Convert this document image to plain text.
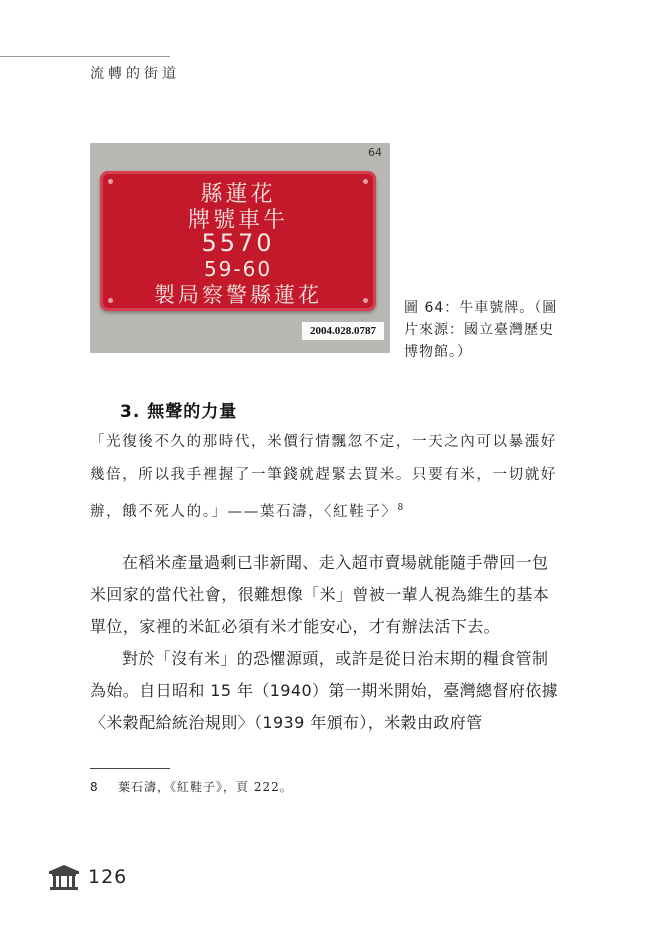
流轉的街道
64
縣蓮花
牌號車牛
5570
59-60
製局察警縣蓮花
2004.028.0787
圖 64：牛車號牌。（圖片來源：國立臺灣歷史博物館。）
3. 無聲的力量
「光復後不久的那時代，米價行情飄忽不定，一天之內可以暴漲好幾倍，所以我手裡握了一筆錢就趕緊去買米。只要有米，一切就好辦，餓不死人的。」——葉石濤，〈紅鞋子〉$^8$

在稻米產量過剩已非新聞、走入超市賣場就能隨手帶回一包米回家的當代社會，很難想像「米」曾被一輩人視為維生的基本單位，家裡的米缸必須有米才能安心，才有辦法活下去。

對於「沒有米」的恐懼源頭，或許是從日治末期的糧食管制為始。自日昭和 15 年（1940）第一期米開始，臺灣總督府依據〈米穀配給統治規則〉（1939 年頒布），米穀由政府管

8 葉石濤，《紅鞋子》，頁 222。
126
